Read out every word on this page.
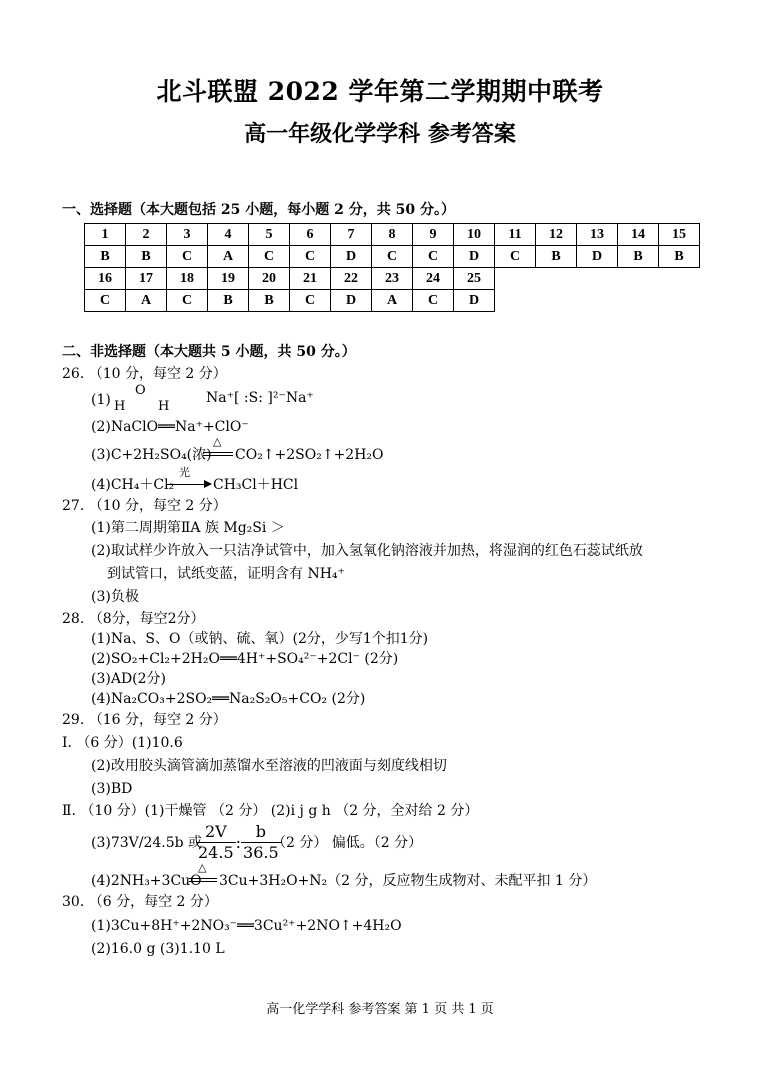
北斗联盟 2022 学年第二学期期中联考
高一年级化学学科 参考答案
一、选择题（本大题包括 25 小题，每小题 2 分，共 50 分。）
1	2	3	4	5	6	7	8	9	10	11	12	13	14	15
B	B	C	A	C	C	D	C	C	D	C	B	D	B	B
16	17	18	19	20	21	22	23	24	25					
C	A	C	B	B	C	D	A	C	D					
二、非选择题（本大题共 5 小题，共 50 分。）
26. （10 分，每空 2 分）
(1) H
O
H
Na⁺[ :S: ]²⁻Na⁺
(2)NaClO══Na⁺+ClO⁻
(3)C+2H₂SO₄(浓)
△
CO₂↑+2SO₂↑+2H₂O
(4)CH₄＋Cl₂
光
CH₃Cl＋HCl
27. （10 分，每空 2 分）
(1)第二周期第ⅡA 族 Mg₂Si ＞
(2)取试样少许放入一只洁净试管中，加入氢氧化钠溶液并加热，将湿润的红色石蕊试纸放
到试管口，试纸变蓝，证明含有 NH₄⁺
(3)负极
28. （8分，每空2分）
(1)Na、S、O（或钠、硫、氧）(2分，少写1个扣1分)
(2)SO₂+Cl₂+2H₂O══4H⁺+SO₄²⁻+2Cl⁻ (2分)
(3)AD(2分)
(4)Na₂CO₃+2SO₂══Na₂S₂O₅+CO₂ (2分)
29. （16 分，每空 2 分）
Ⅰ. （6 分）(1)10.6
(2)改用胶头滴管滴加蒸馏水至溶液的凹液面与刻度线相切
(3)BD
Ⅱ. （10 分）(1)干燥管 （2 分） (2)i j g h （2 分，全对给 2 分）
(3)73V/24.5b 或
$\frac{2V}{24.5}$ : $\frac{b}{36.5}$
（2 分） 偏低。（2 分）
(4)2NH₃+3CuO
△
3Cu+3H₂O+N₂（2 分，反应物生成物对、未配平扣 1 分）
30. （6 分，每空 2 分）
(1)3Cu+8H⁺+2NO₃⁻══3Cu²⁺+2NO↑+4H₂O
(2)16.0 g (3)1.10 L
高一化学学科 参考答案 第 1 页 共 1 页
